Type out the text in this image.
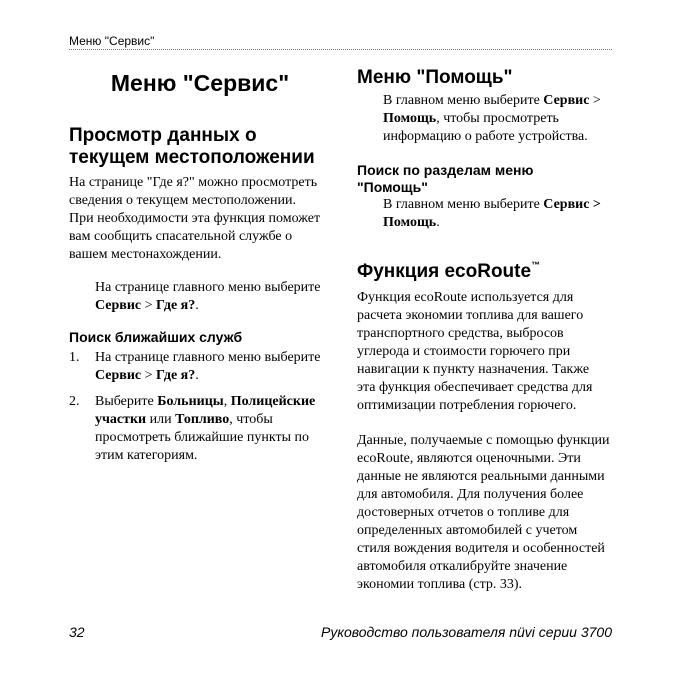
Меню "Сервис"
Меню "Сервис"
Просмотр данных о
текущем местоположении

На странице "Где я?" можно просмотреть
сведения о текущем местоположении.
При необходимости эта функция поможет
вам сообщить спасательной службе о
вашем местонахождении.

На странице главного меню выберите
Сервис > Где я?.

Поиск ближайших служб
1. На странице главного меню выберите
Сервис > Где я?.
2. Выберите Больницы, Полицейские
участки или Топливо, чтобы
просмотреть ближайшие пункты по
этим категориям.
Меню "Помощь"

В главном меню выберите Сервис >
Помощь, чтобы просмотреть
информацию о работе устройства.

Поиск по разделам меню
"Помощь"

В главном меню выберите Сервис >
Помощь.

Функция ecoRoute™

Функция ecoRoute используется для
расчета экономии топлива для вашего
транспортного средства, выбросов
углерода и стоимости горючего при
навигации к пункту назначения. Также
эта функция обеспечивает средства для
оптимизации потребления горючего.

Данные, получаемые с помощью функции
ecoRoute, являются оценочными. Эти
данные не являются реальными данными
для автомобиля. Для получения более
достоверных отчетов о топливе для
определенных автомобилей с учетом
стиля вождения водителя и особенностей
автомобиля откалибруйте значение
экономии топлива (стр. 33).

32	Руководство пользователя nüvi серии 3700
